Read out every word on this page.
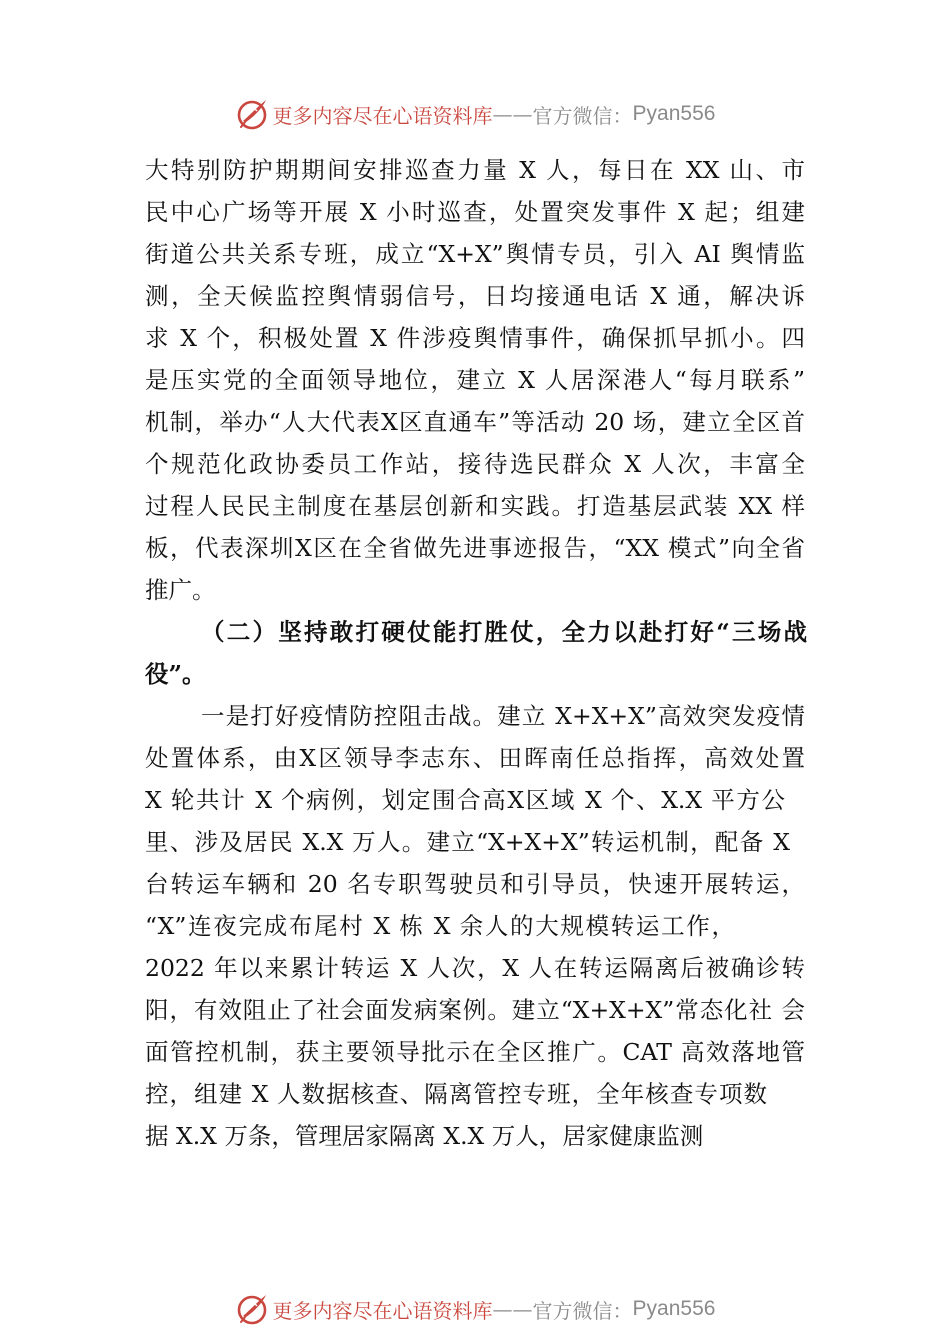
更多内容尽在心语资料库 —— 官方微信： Pyan556
大特别防护期期间安排巡查力量 X 人，每日在 XX 山、市
民中心广场等开展 X 小时巡查，处置突发事件 X 起；组建
街道公共关系专班，成立“X+X”舆情专员，引入 AI 舆情监
测，全天候监控舆情弱信号，日均接通电话 X 通，解决诉
求 X 个，积极处置 X 件涉疫舆情事件，确保抓早抓小。四
是压实党的全面领导地位，建立 X 人居深港人“每月联系”
机制，举办“人大代表Ⅹ区直通车”等活动 20 场，建立全区首
个规范化政协委员工作站，接待选民群众 X 人次，丰富全
过程人民民主制度在基层创新和实践。打造基层武装 XX 样
板，代表深圳Ⅹ区在全省做先进事迹报告，“XX 模式”向全省
推广。
（二）坚持敢打硬仗能打胜仗，全力以赴打好“三场战
役”。
一是打好疫情防控阻击战。建立 X+X+X”高效突发疫情
处置体系，由Ⅹ区领导李志东、田晖南任总指挥，高效处置
X 轮共计 X 个病例，划定围合高Ⅹ区域 X 个、X.X 平方公
里、涉及居民 X.X 万人。建立“X+X+X”转运机制，配备 X
台转运车辆和 20 名专职驾驶员和引导员，快速开展转运，
“X”连夜完成布尾村 X 栋 X 余人的大规模转运工作，
2022 年以来累计转运 X 人次，X 人在转运隔离后被确诊转
阳，有效阻止了社会面发病案例。建立“X+X+X”常态化社 会
面管控机制，获主要领导批示在全区推广。CAT 高效落地管
控，组建 X 人数据核查、隔离管控专班，全年核查专项数
据 X.X 万条，管理居家隔离 X.X 万人，居家健康监测
更多内容尽在心语资料库 —— 官方微信： Pyan556
